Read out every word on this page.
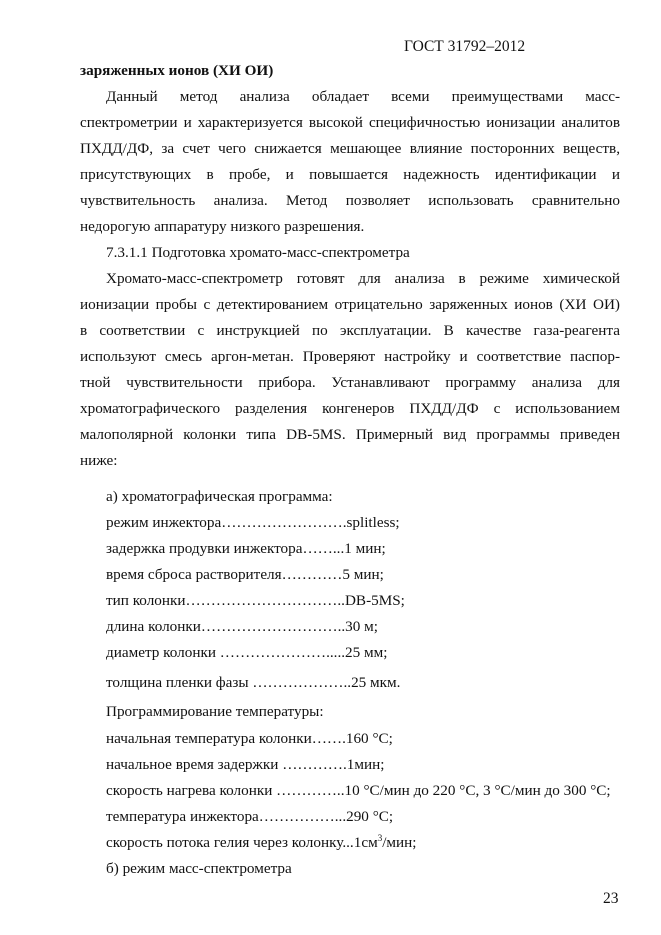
ГОСТ 31792–2012
заряженных ионов (ХИ ОИ)
Данный метод анализа обладает всеми преимуществами масс-
спектрометрии и характеризуется высокой специфичностью ионизации аналитов
ПХДД/ДФ, за счет чего снижается мешающее влияние посторонних веществ,
присутствующих в пробе, и повышается надежность идентификации и
чувствительность анализа. Метод позволяет использовать сравнительно
недорогую аппаратуру низкого разрешения.
7.3.1.1 Подготовка хромато-масс-спектрометра
Хромато-масс-спектрометр готовят для анализа в режиме химической
ионизации пробы с детектированием отрицательно заряженных ионов (ХИ ОИ)
в соответствии с инструкцией по эксплуатации. В качестве газа-реагента
используют смесь аргон-метан. Проверяют настройку и соответствие паспор-
тной чувствительности прибора. Устанавливают программу анализа для
хроматографического разделения конгенеров ПХДД/ДФ с использованием
малополярной колонки типа DB-5MS. Примерный вид программы приведен
ниже:
а) хроматографическая программа:
режим инжектора…………………….splitless;
задержка продувки инжектора……...1 мин;
время сброса растворителя…………5 мин;
тип колонки…………………………..DB-5MS;
длина колонки………………………..30 м;
диаметр колонки ………………….....25 мм;
толщина пленки фазы ………………..25 мкм.
Программирование температуры:
начальная температура колонки…….160 °С;
начальное время задержки ………….1мин;
скорость нагрева колонки …………..10 °С/мин до 220 °С, 3 °С/мин до 300 °С;
температура инжектора……………...290 °С;
скорость потока гелия через $колонку...1см^3$/мин;
б) режим масс-спектрометра
23
